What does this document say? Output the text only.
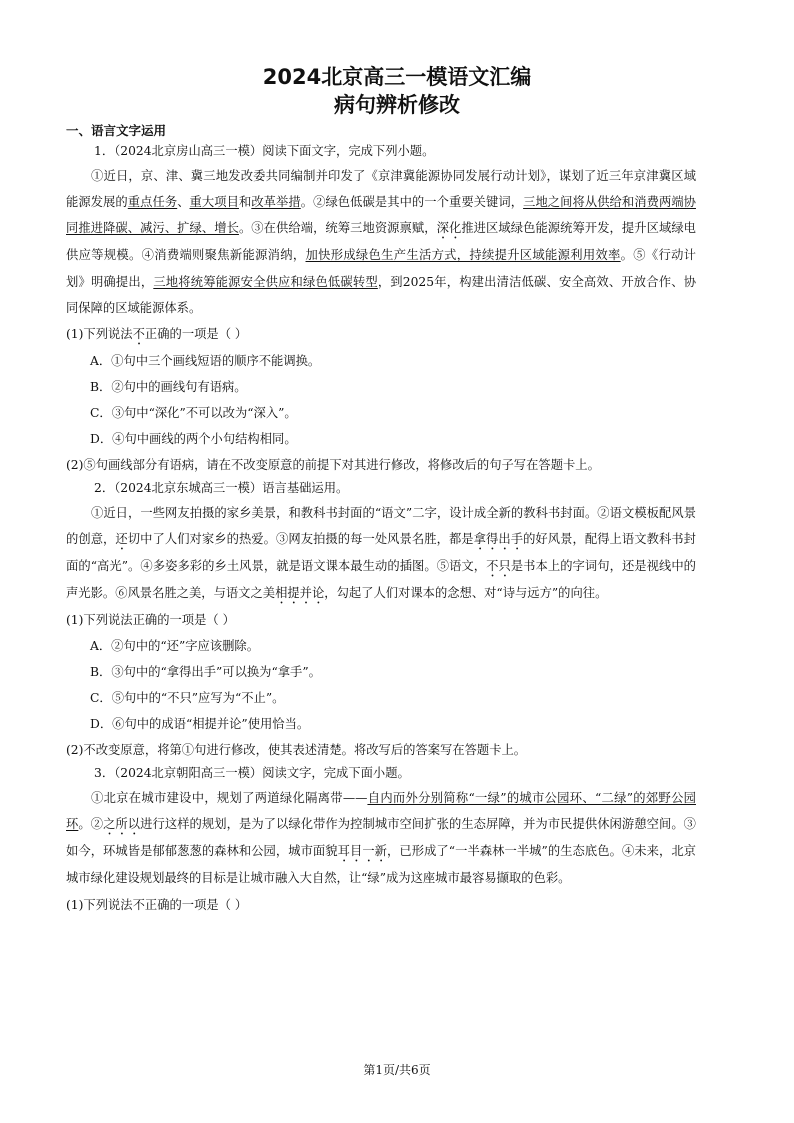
2024北京高三一模语文汇编
病句辨析修改

一、语言文字运用

1．（2024北京房山高三一模）阅读下面文字，完成下列小题。

①近日，京、津、冀三地发改委共同编制并印发了《京津冀能源协同发展行动计划》，谋划了近三年京津冀区域能源发展的重点任务、重大项目和改革举措。②绿色低碳是其中的一个重要关键词，三地之间将从供给和消费两端协同推进降碳、减污、扩绿、增长。③在供给端，统筹三地资源禀赋，深化推进区域绿色能源统筹开发，提升区域绿电供应等规模。④消费端则聚焦新能源消纳，加快形成绿色生产生活方式，持续提升区域能源利用效率。⑤《行动计划》明确提出，三地将统筹能源安全供应和绿色低碳转型，到2025年，构建出清洁低碳、安全高效、开放合作、协同保障的区域能源体系。

(1)下列说法不正确的一项是（ ）

A．①句中三个画线短语的顺序不能调换。

B．②句中的画线句有语病。

C．③句中“深化”不可以改为“深入”。

D．④句中画线的两个小句结构相同。

(2)⑤句画线部分有语病，请在不改变原意的前提下对其进行修改，将修改后的句子写在答题卡上。

2．（2024北京东城高三一模）语言基础运用。

①近日，一些网友拍摄的家乡美景，和教科书封面的“语文”二字，设计成全新的教科书封面。②语文模板配风景的创意，还切中了人们对家乡的热爱。③网友拍摄的每一处风景名胜，都是拿得出手的好风景，配得上语文教科书封面的“高光”。④多姿多彩的乡土风景，就是语文课本最生动的插图。⑤语文，不只是书本上的字词句，还是视线中的声光影。⑥风景名胜之美，与语文之美相提并论，勾起了人们对课本的念想、对“诗与远方”的向往。

(1)下列说法正确的一项是（ ）

A．②句中的“还”字应该删除。

B．③句中的“拿得出手”可以换为“拿手”。

C．⑤句中的“不只”应写为“不止”。

D．⑥句中的成语“相提并论”使用恰当。

(2)不改变原意，将第①句进行修改，使其表述清楚。将改写后的答案写在答题卡上。

3．（2024北京朝阳高三一模）阅读文字，完成下面小题。

①北京在城市建设中，规划了两道绿化隔离带——自内而外分别简称“一绿”的城市公园环、“二绿”的郊野公园环。②之所以进行这样的规划，是为了以绿化带作为控制城市空间扩张的生态屏障，并为市民提供休闲游憩空间。③如今，环城皆是郁郁葱葱的森林和公园，城市面貌耳目一新，已形成了“一半森林一半城”的生态底色。④未来，北京城市绿化建设规划最终的目标是让城市融入大自然，让“绿”成为这座城市最容易撷取的色彩。

(1)下列说法不正确的一项是（ ）

第1页/共6页
